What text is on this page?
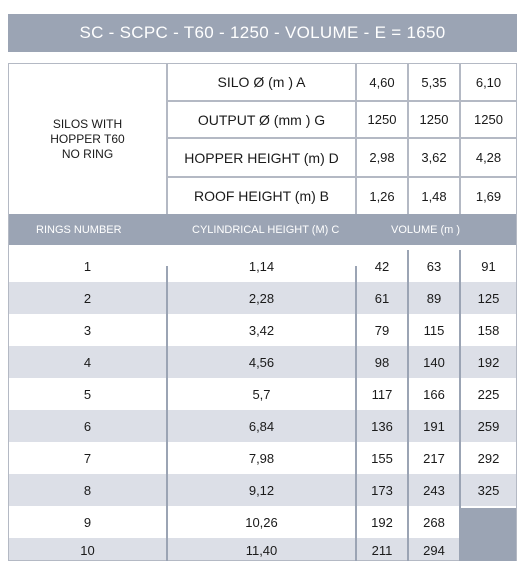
SC - SCPC - T60 - 1250 - VOLUME - E = 1650
SILOS WITH
HOPPER T60
NO RING
SILO Ø (m ) A	4,60	5,35	6,10
OUTPUT Ø (mm ) G	1250	1250	1250
HOPPER HEIGHT (m) D	2,98	3,62	4,28
ROOF HEIGHT (m) B	1,26	1,48	1,69
RINGS NUMBER	CYLINDRICAL HEIGHT (M) C	VOLUME (m )
1	1,14	42	63	91
2	2,28	61	89	125
3	3,42	79	115	158
4	4,56	98	140	192
5	5,7	117	166	225
6	6,84	136	191	259
7	7,98	155	217	292
8	9,12	173	243	325
9	10,26	192	268
10	11,40	211	294
